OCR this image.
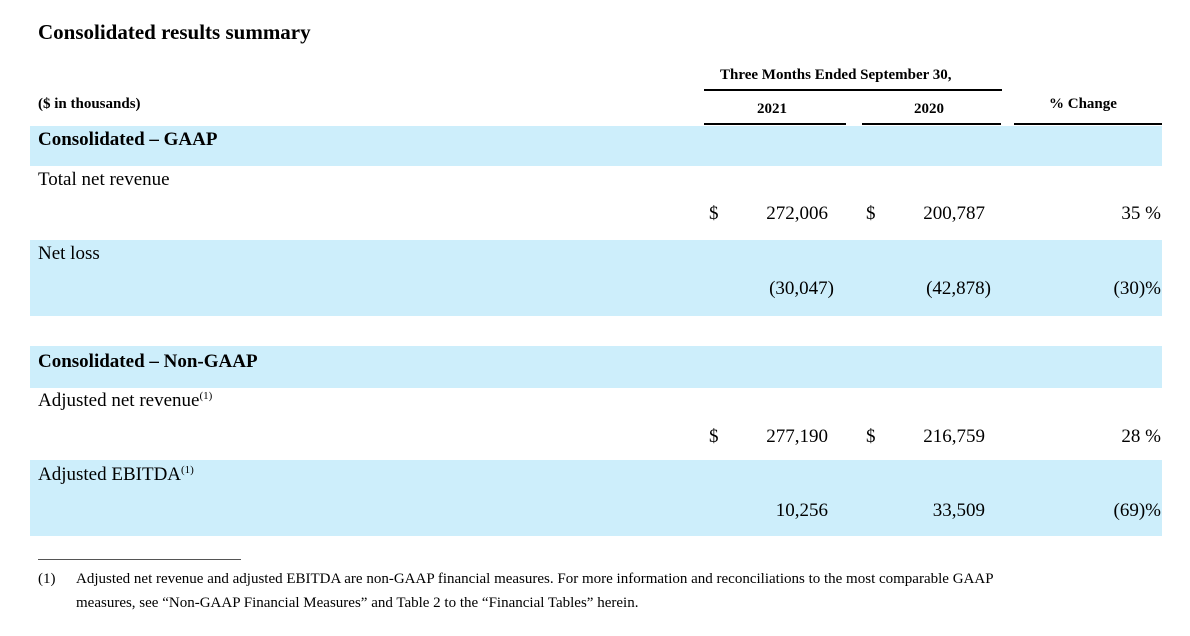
Consolidated results summary
Three Months Ended September 30,
($ in thousands)	2021	2020	% Change
Consolidated – GAAP
Total net revenue
$	272,006 $	200,787	35 %
Net loss
(30,047)	(42,878)	(30)%
Consolidated – Non-GAAP
Adjusted net revenue$^{(1)}$
$	277,190 $	216,759	28 %
Adjusted EBITDA$^{(1)}$
10,256	33,509	(69)%
(1) Adjusted net revenue and adjusted EBITDA are non-GAAP financial measures. For more information and reconciliations to the most comparable GAAP
measures, see “Non-GAAP Financial Measures” and Table 2 to the “Financial Tables” herein.
